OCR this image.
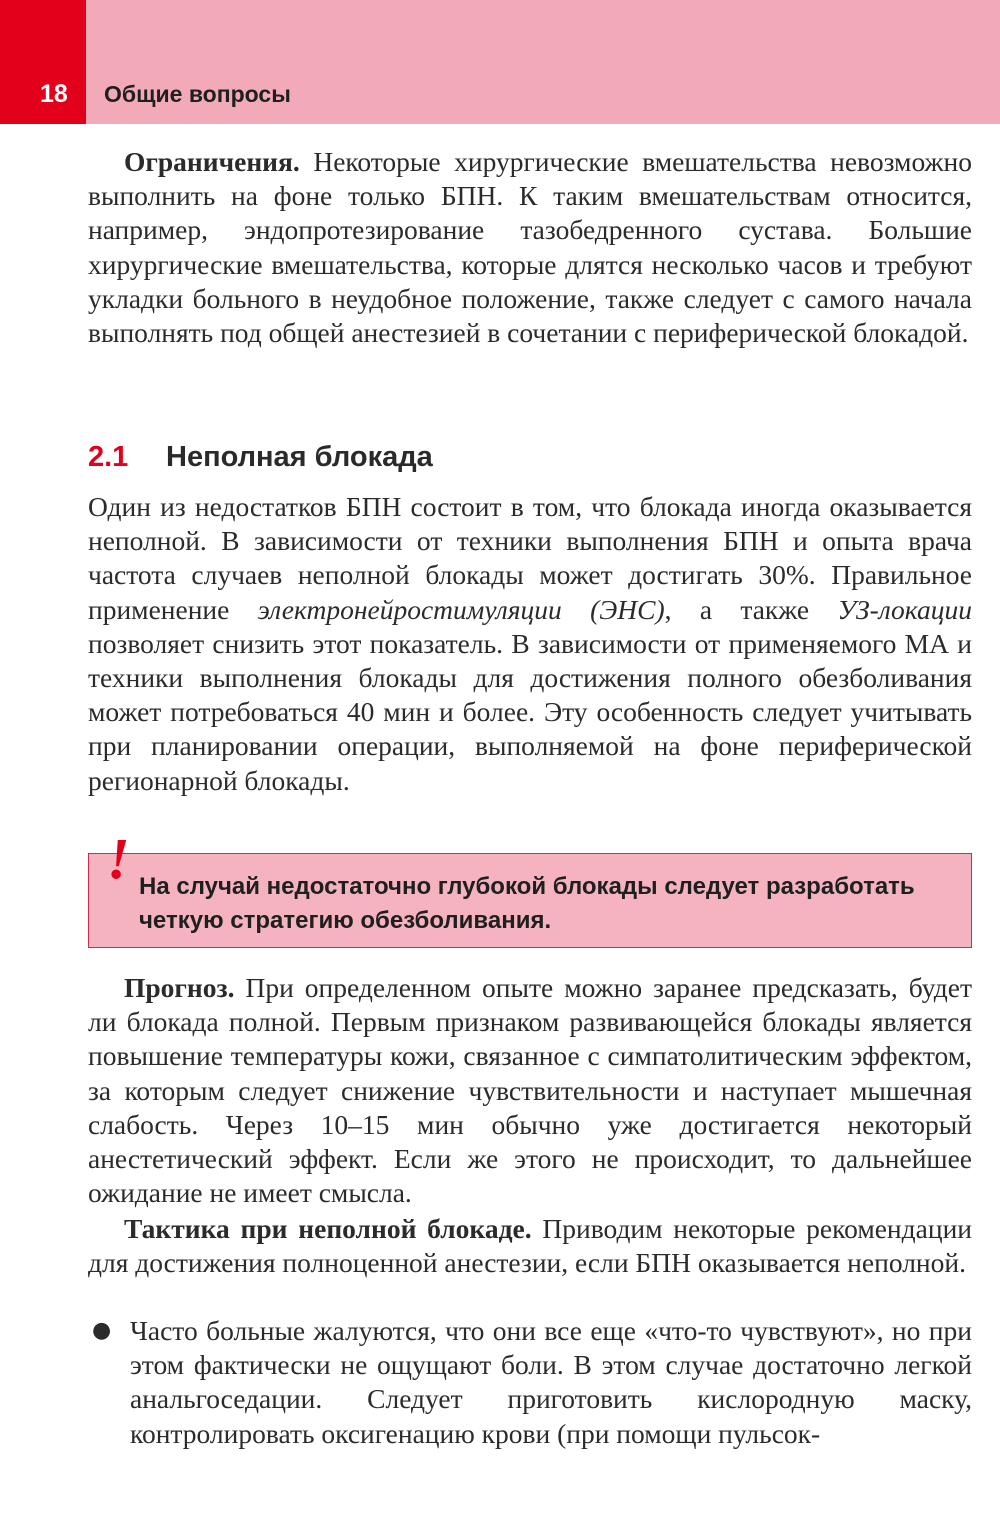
18 Общие вопросы

Ограничения. Некоторые хирургические вмешательства невозможно выполнить на фоне только БПН. К таким вмешательствам относится, например, эндопротезирование тазобедренного сустава. Большие хирургические вмешательства, которые длятся несколько часов и требуют укладки больного в неудобное положение, также следует с самого начала выполнять под общей анестезией в сочетании с периферической блокадой.

2.1 Неполная блокада

Один из недостатков БПН состоит в том, что блокада иногда оказывается неполной. В зависимости от техники выполнения БПН и опыта врача частота случаев неполной блокады может достигать 30%. Правильное применение электронейростимуляции (ЭНС), а также УЗ-локации позволяет снизить этот показатель. В зависимости от применяемого МА и техники выполнения блокады для достижения полного обезболивания может потребоваться 40 мин и более. Эту особенность следует учитывать при планировании операции, выполняемой на фоне периферической регионарной блокады.

! На случай недостаточно глубокой блокады следует разработать четкую стратегию обезболивания.

Прогноз. При определенном опыте можно заранее предсказать, будет ли блокада полной. Первым признаком развивающейся блокады является повышение температуры кожи, связанное с симпатолитическим эффектом, за которым следует снижение чувствительности и наступает мышечная слабость. Через 10–15 мин обычно уже достигается некоторый анестетический эффект. Если же этого не происходит, то дальнейшее ожидание не имеет смысла.

Тактика при неполной блокаде. Приводим некоторые рекомендации для достижения полноценной анестезии, если БПН оказывается неполной.

● Часто больные жалуются, что они все еще «что-то чувствуют», но при этом фактически не ощущают боли. В этом случае достаточно легкой анальгоседации. Следует приготовить кислородную маску, контролировать оксигенацию крови (при помощи пульсок-
